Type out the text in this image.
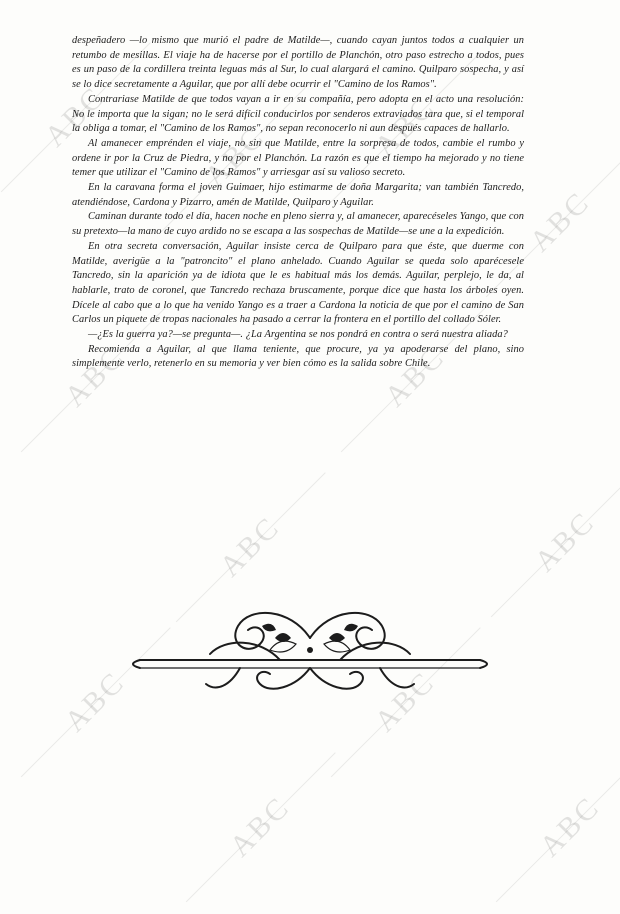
ABC
ABC	ABC
ABC
ABC
ABC
ABC
ABC
ABC	ABC
ABC	ABC

despeñadero —lo mismo que murió el padre de Matilde—, cuando cayan juntos todos a cualquier un retumbo de mesillas. El viaje ha de hacerse por el portillo de Planchón, otro paso estrecho a todos, pues es un paso de la cordillera treinta leguas más al Sur, lo cual alargará el camino. Quilparo sospecha, y así se lo dice secretamente a Aguilar, que por allí debe ocurrir el "Camino de los Ramos".

Contrariase Matilde de que todos vayan a ir en su compañía, pero adopta en el acto una resolución: No le importa que la sigan; no le será difícil conducirlos por senderos extraviados tara que, si el temporal la obliga a tomar, el "Camino de los Ramos", no sepan reconocerlo ni aun después capaces de hallarlo.

Al amanecer emprénden el viaje, no sin que Matilde, entre la sorpresa de todos, cambie el rumbo y ordene ir por la Cruz de Piedra, y no por el Planchón. La razón es que el tiempo ha mejorado y no tiene temer que utilizar el "Camino de los Ramos" y arriesgar así su valioso secreto.

En la caravana forma el joven Guimaer, hijo estimarme de doña Margarita; van también Tancredo, atendiéndose, Cardona y Pizarro, amén de Matilde, Quilparo y Aguilar.

Caminan durante todo el día, hacen noche en pleno sierra y, al amanecer, aparecéseles Yango, que con su pretexto—la mano de cuyo ardido no se escapa a las sospechas de Matilde—se une a la expedición.

En otra secreta conversación, Aguilar insiste cerca de Quilparo para que éste, que duerme con Matilde, averigüe a la "patroncito" el plano anhelado. Cuando Aguilar se queda solo aparécesele Tancredo, sin la aparición ya de idiota que le es habitual más los demás. Aguilar, perplejo, le da, al hablarle, trato de coronel, que Tancredo rechaza bruscamente, porque dice que hasta los árboles oyen. Dícele al cabo que a lo que ha venido Yango es a traer a Cardona la noticia de que por el camino de San Carlos un piquete de tropas nacionales ha pasado a cerrar la frontera en el portillo del collado Sóler.

—¿Es la guerra ya?—se pregunta—. ¿La Argentina se nos pondrá en contra o será nuestra aliada?

Recomienda a Aguilar, al que llama teniente, que procure, ya ya apoderarse del plano, sino simplemente verlo, retenerlo en su memoria y ver bien cómo es la salida sobre Chile.
